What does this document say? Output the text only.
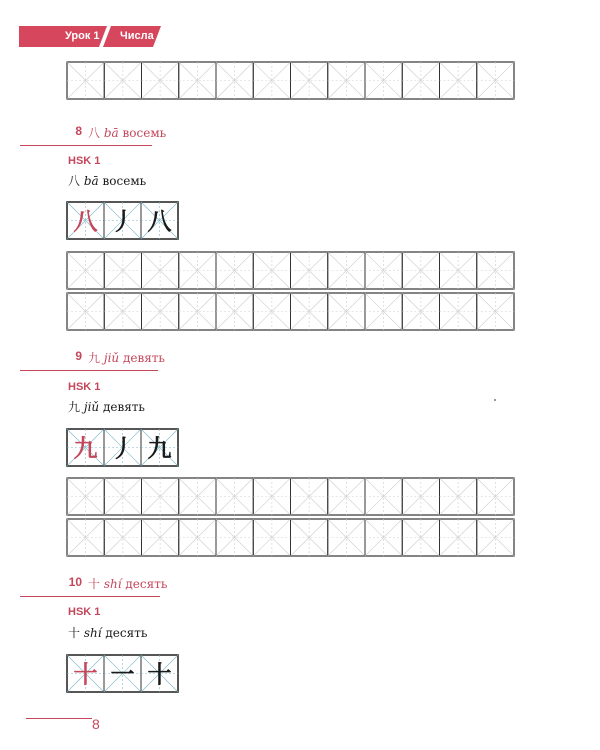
Урок 1 Числа
8 八 bā восемь
HSK 1
八 bā восемь
9 九 jiǔ девять
HSK 1
九 jiǔ девять
10 十 shí десять
HSK 1
十 shí десять
八 丿 八
九 丿 九
十 一 十
8
